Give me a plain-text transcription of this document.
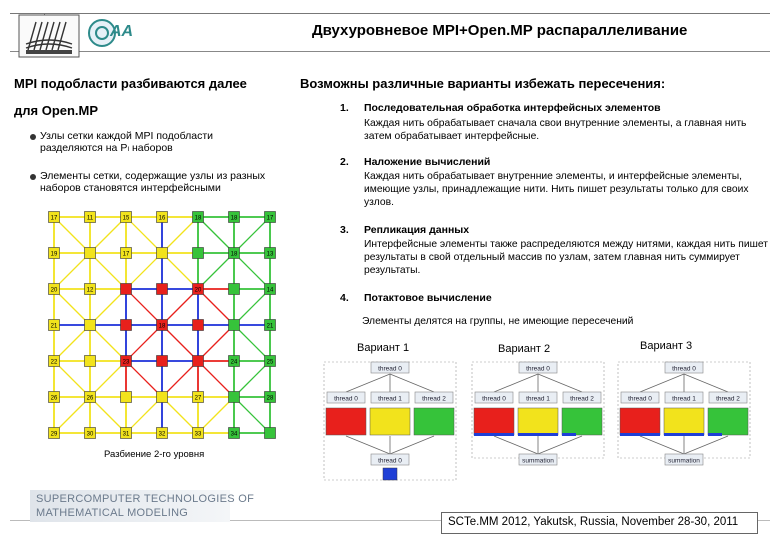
AA	Двухуровневое MPI+Open.MP распараллеливание
MPI подобласти разбиваются далее
для Open.MP
Узлы сетки каждой MPI подобласти разделяются на Pₗ наборов
Элементы сетки, содержащие узлы из разных наборов становятся интерфейсными
17	11	15	16	18	18	17
19	17	18	13
20	12	20	14
21	18	21
22	23	24	25
26	26	27	28
29	30	31	32	33	34
Разбиение 2-го уровня
Возможны различные варианты избежать пересечения:
1. Последовательная обработка интерфейсных элементов
Каждая нить обрабатывает сначала свои внутренние элементы, а главная нить затем обрабатывает интерфейсные.
2. Наложение вычислений
Каждая нить обрабатывает внутренние элементы, и интерфейсные элементы, имеющие узлы, принадлежащие нити. Нить пишет результаты только для своих узлов.
3. Репликация данных
Интерфейсные элементы также распределяются между нитями, каждая нить пишет результаты в свой отдельный массив по узлам, затем главная нить суммирует результаты.
4. Потактовое вычисление
Элементы делятся на группы, не имеющие пересечений
Вариант 1	Вариант 2	Вариант 3
thread 0
thread 0	thread 1	thread 2
thread 0
thread 0
thread 0	thread 1	thread 2
summation
thread 0
thread 0	thread 1	thread 2
summation
SUPERCOMPUTER TECHNOLOGIES OF
MATHEMATICAL MODELING
SCTe.MM 2012, Yakutsk, Russia, November 28-30, 2011
